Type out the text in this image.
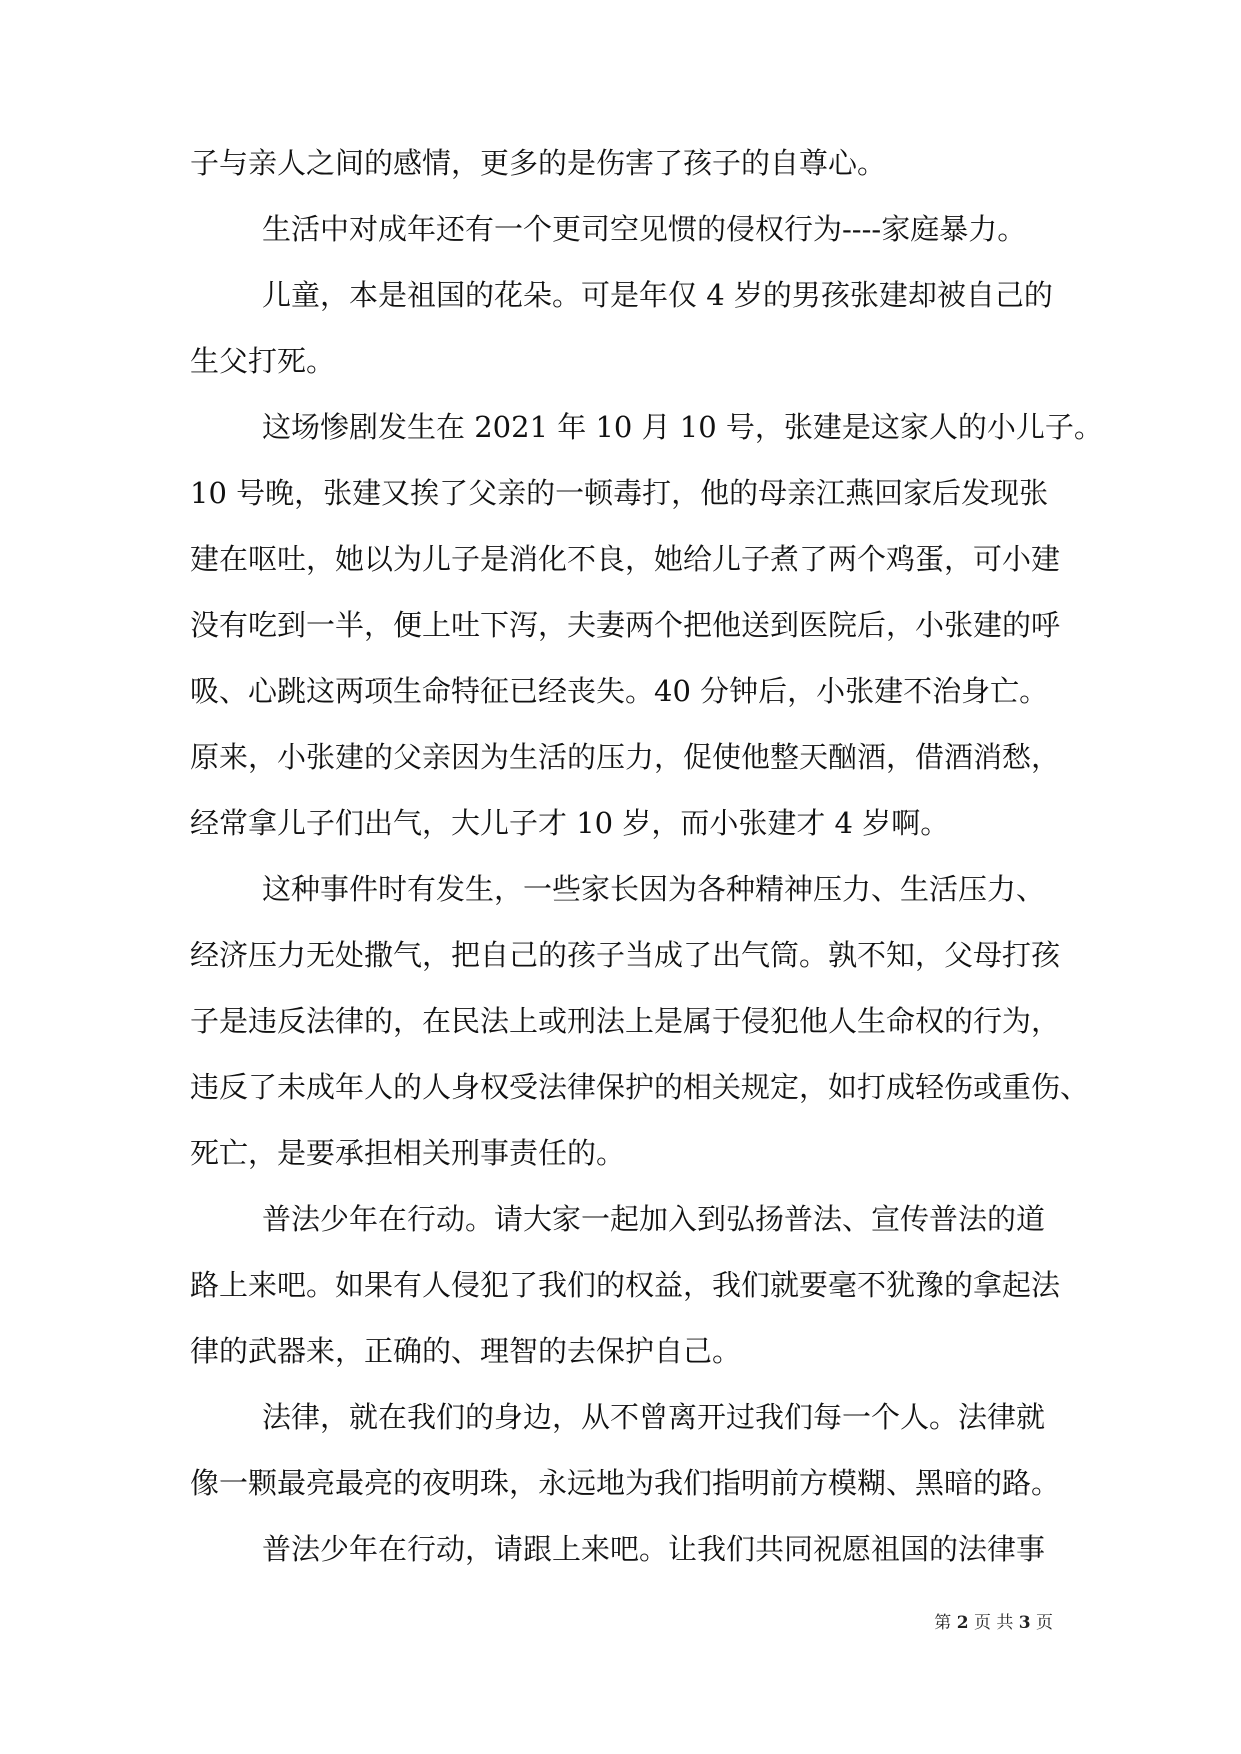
子与亲人之间的感情，更多的是伤害了孩子的自尊心。
生活中对成年还有一个更司空见惯的侵权行为----家庭暴力。
儿童，本是祖国的花朵。可是年仅 4 岁的男孩张建却被自己的
生父打死。
这场惨剧发生在 2021 年 10 月 10 号，张建是这家人的小儿子。
10 号晚，张建又挨了父亲的一顿毒打，他的母亲江燕回家后发现张
建在呕吐，她以为儿子是消化不良，她给儿子煮了两个鸡蛋，可小建
没有吃到一半，便上吐下泻，夫妻两个把他送到医院后，小张建的呼
吸、心跳这两项生命特征已经丧失。40 分钟后，小张建不治身亡。
原来，小张建的父亲因为生活的压力，促使他整天酗酒，借酒消愁，
经常拿儿子们出气，大儿子才 10 岁，而小张建才 4 岁啊。
这种事件时有发生，一些家长因为各种精神压力、生活压力、
经济压力无处撒气，把自己的孩子当成了出气筒。孰不知，父母打孩
子是违反法律的，在民法上或刑法上是属于侵犯他人生命权的行为，
违反了未成年人的人身权受法律保护的相关规定，如打成轻伤或重伤、
死亡，是要承担相关刑事责任的。
普法少年在行动。请大家一起加入到弘扬普法、宣传普法的道
路上来吧。如果有人侵犯了我们的权益，我们就要毫不犹豫的拿起法
律的武器来，正确的、理智的去保护自己。
法律，就在我们的身边，从不曾离开过我们每一个人。法律就
像一颗最亮最亮的夜明珠，永远地为我们指明前方模糊、黑暗的路。
普法少年在行动，请跟上来吧。让我们共同祝愿祖国的法律事
第 2 页 共 3 页
